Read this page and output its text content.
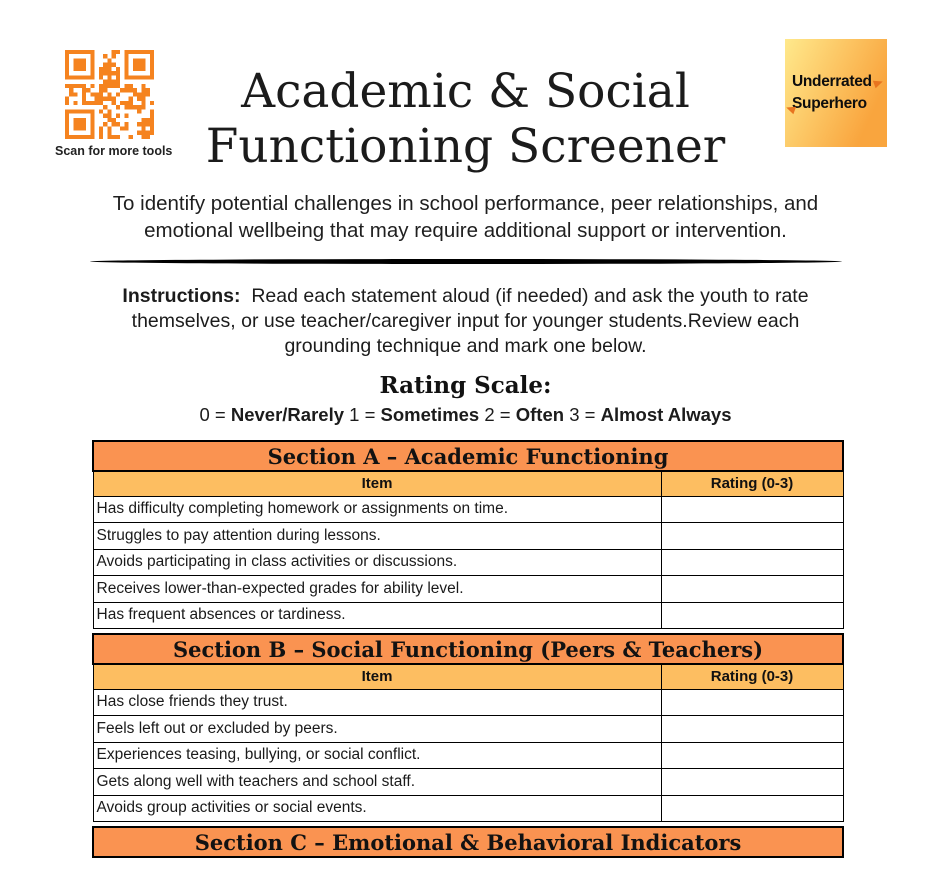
Scan for more tools
Academic & Social
Functioning Screener
Underrated
Superhero

To identify potential challenges in school performance, peer relationships, and emotional wellbeing that may require additional support or intervention.

Instructions:  Read each statement aloud (if needed) and ask the youth to rate themselves, or use teacher/caregiver input for younger students.Review each grounding technique and mark one below.

Rating Scale:
0 = Never/Rarely 1 = Sometimes 2 = Often 3 = Almost Always
Section A – Academic Functioning	
Item	Rating (0-3)
Has difficulty completing homework or assignments on time.	
Struggles to pay attention during lessons.	
Avoids participating in class activities or discussions.	
Receives lower-than-expected grades for ability level.	
Has frequent absences or tardiness.	
Section B – Social Functioning (Peers & Teachers)	
Item	Rating (0-3)
Has close friends they trust.	
Feels left out or excluded by peers.	
Experiences teasing, bullying, or social conflict.	
Gets along well with teachers and school staff.	
Avoids group activities or social events.	
Section C – Emotional & Behavioral Indicators
